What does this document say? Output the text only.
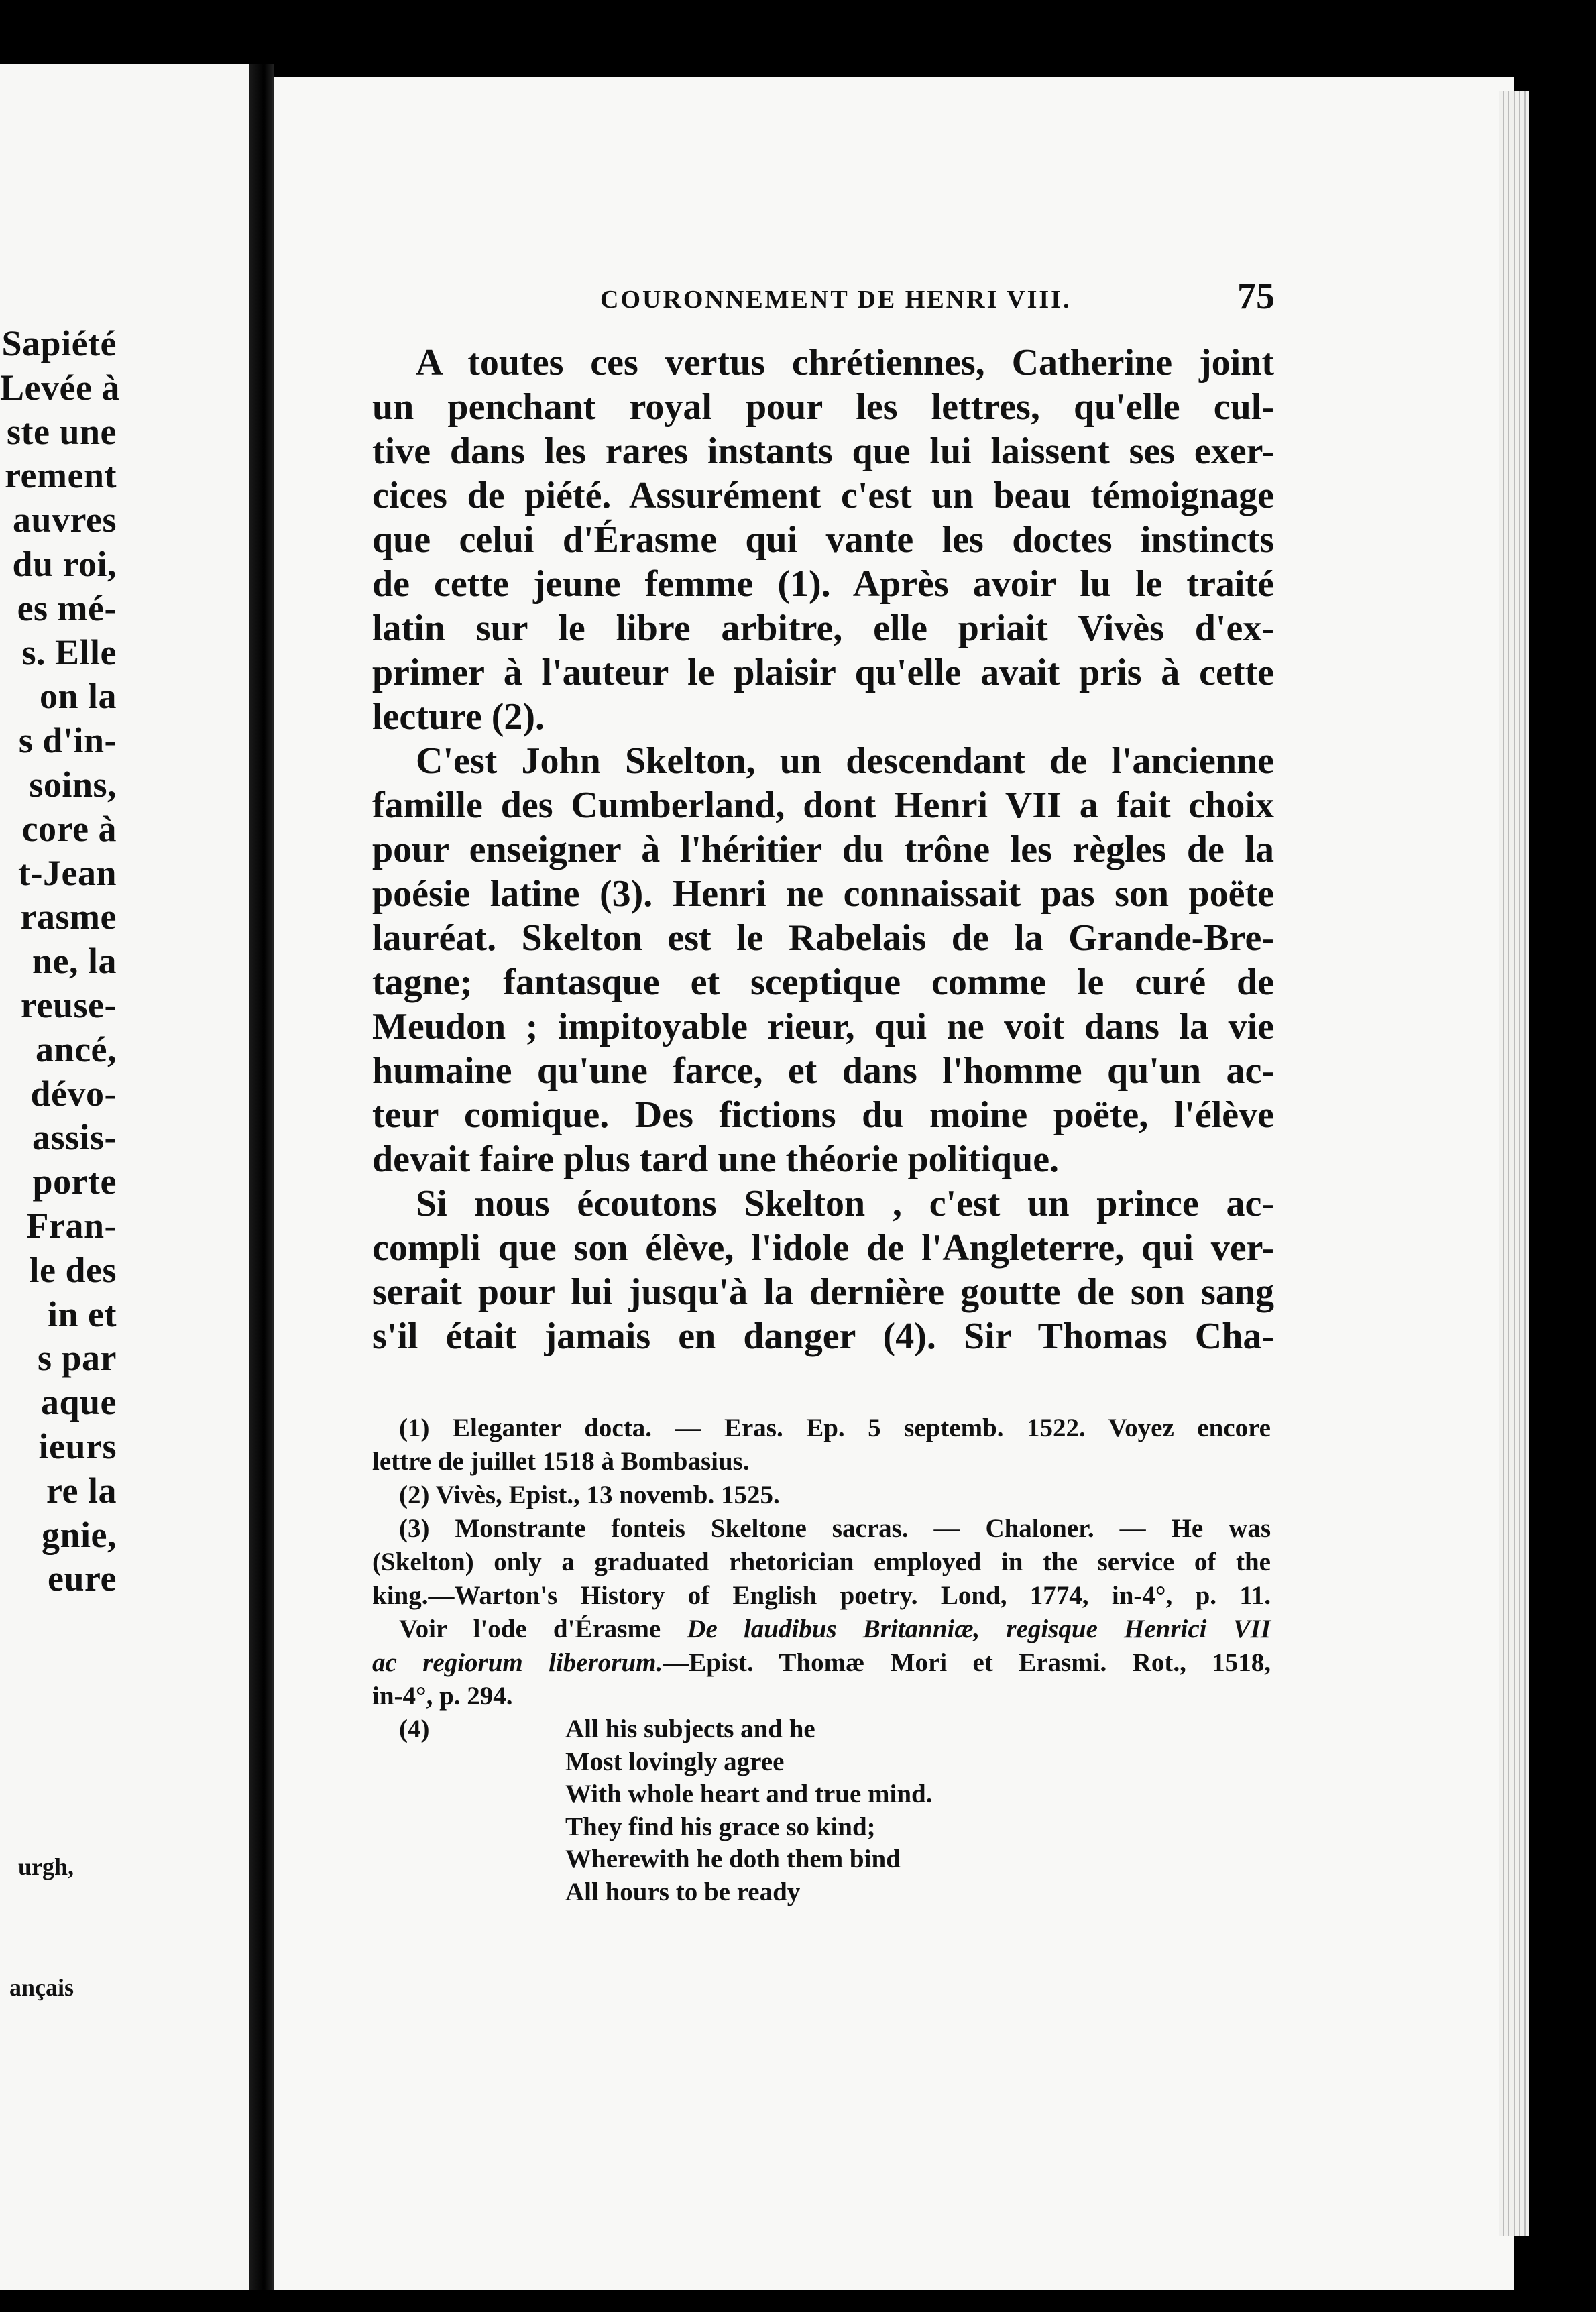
Sapiété
Levée à
ste une
rement
auvres
du roi,
es mé-
s. Elle
on la
s d'in-
soins,
core à
t-Jean
rasme
ne, la
reuse-
ancé,
dévo-
assis-
porte
Fran-
le des
in et
s par
aque
ieurs
re la
gnie,
eure
urgh,
ançais
COURONNEMENT DE HENRI VIII.	75
A toutes ces vertus chrétiennes, Catherine joint
un penchant royal pour les lettres, qu'elle cul-
tive dans les rares instants que lui laissent ses exer-
cices de piété. Assurément c'est un beau témoignage
que celui d'Érasme qui vante les doctes instincts
de cette jeune femme (1). Après avoir lu le traité
latin sur le libre arbitre, elle priait Vivès d'ex-
primer à l'auteur le plaisir qu'elle avait pris à cette
lecture (2).
C'est John Skelton, un descendant de l'ancienne
famille des Cumberland, dont Henri VII a fait choix
pour enseigner à l'héritier du trône les règles de la
poésie latine (3). Henri ne connaissait pas son poëte
lauréat. Skelton est le Rabelais de la Grande-Bre-
tagne; fantasque et sceptique comme le curé de
Meudon ; impitoyable rieur, qui ne voit dans la vie
humaine qu'une farce, et dans l'homme qu'un ac-
teur comique. Des fictions du moine poëte, l'élève
devait faire plus tard une théorie politique.
Si nous écoutons Skelton , c'est un prince ac-
compli que son élève, l'idole de l'Angleterre, qui ver-
serait pour lui jusqu'à la dernière goutte de son sang
s'il était jamais en danger (4). Sir Thomas Cha-
(1) Eleganter docta. — Eras. Ep. 5 septemb. 1522. Voyez encore
lettre de juillet 1518 à Bombasius.
(2) Vivès, Epist., 13 novemb. 1525.
(3) Monstrante fonteis Skeltone sacras. — Chaloner. — He was
(Skelton) only a graduated rhetorician employed in the service of the
king.—Warton's History of English poetry. Lond, 1774, in-4°, p. 11.
Voir l'ode d'Érasme De laudibus Britanniæ, regisque Henrici VII
ac regiorum liberorum.—Epist. Thomæ Mori et Erasmi. Rot., 1518,
in-4°, p. 294.
(4)	All his subjects and he
Most lovingly agree
With whole heart and true mind.
They find his grace so kind;
Wherewith he doth them bind
All hours to be ready
